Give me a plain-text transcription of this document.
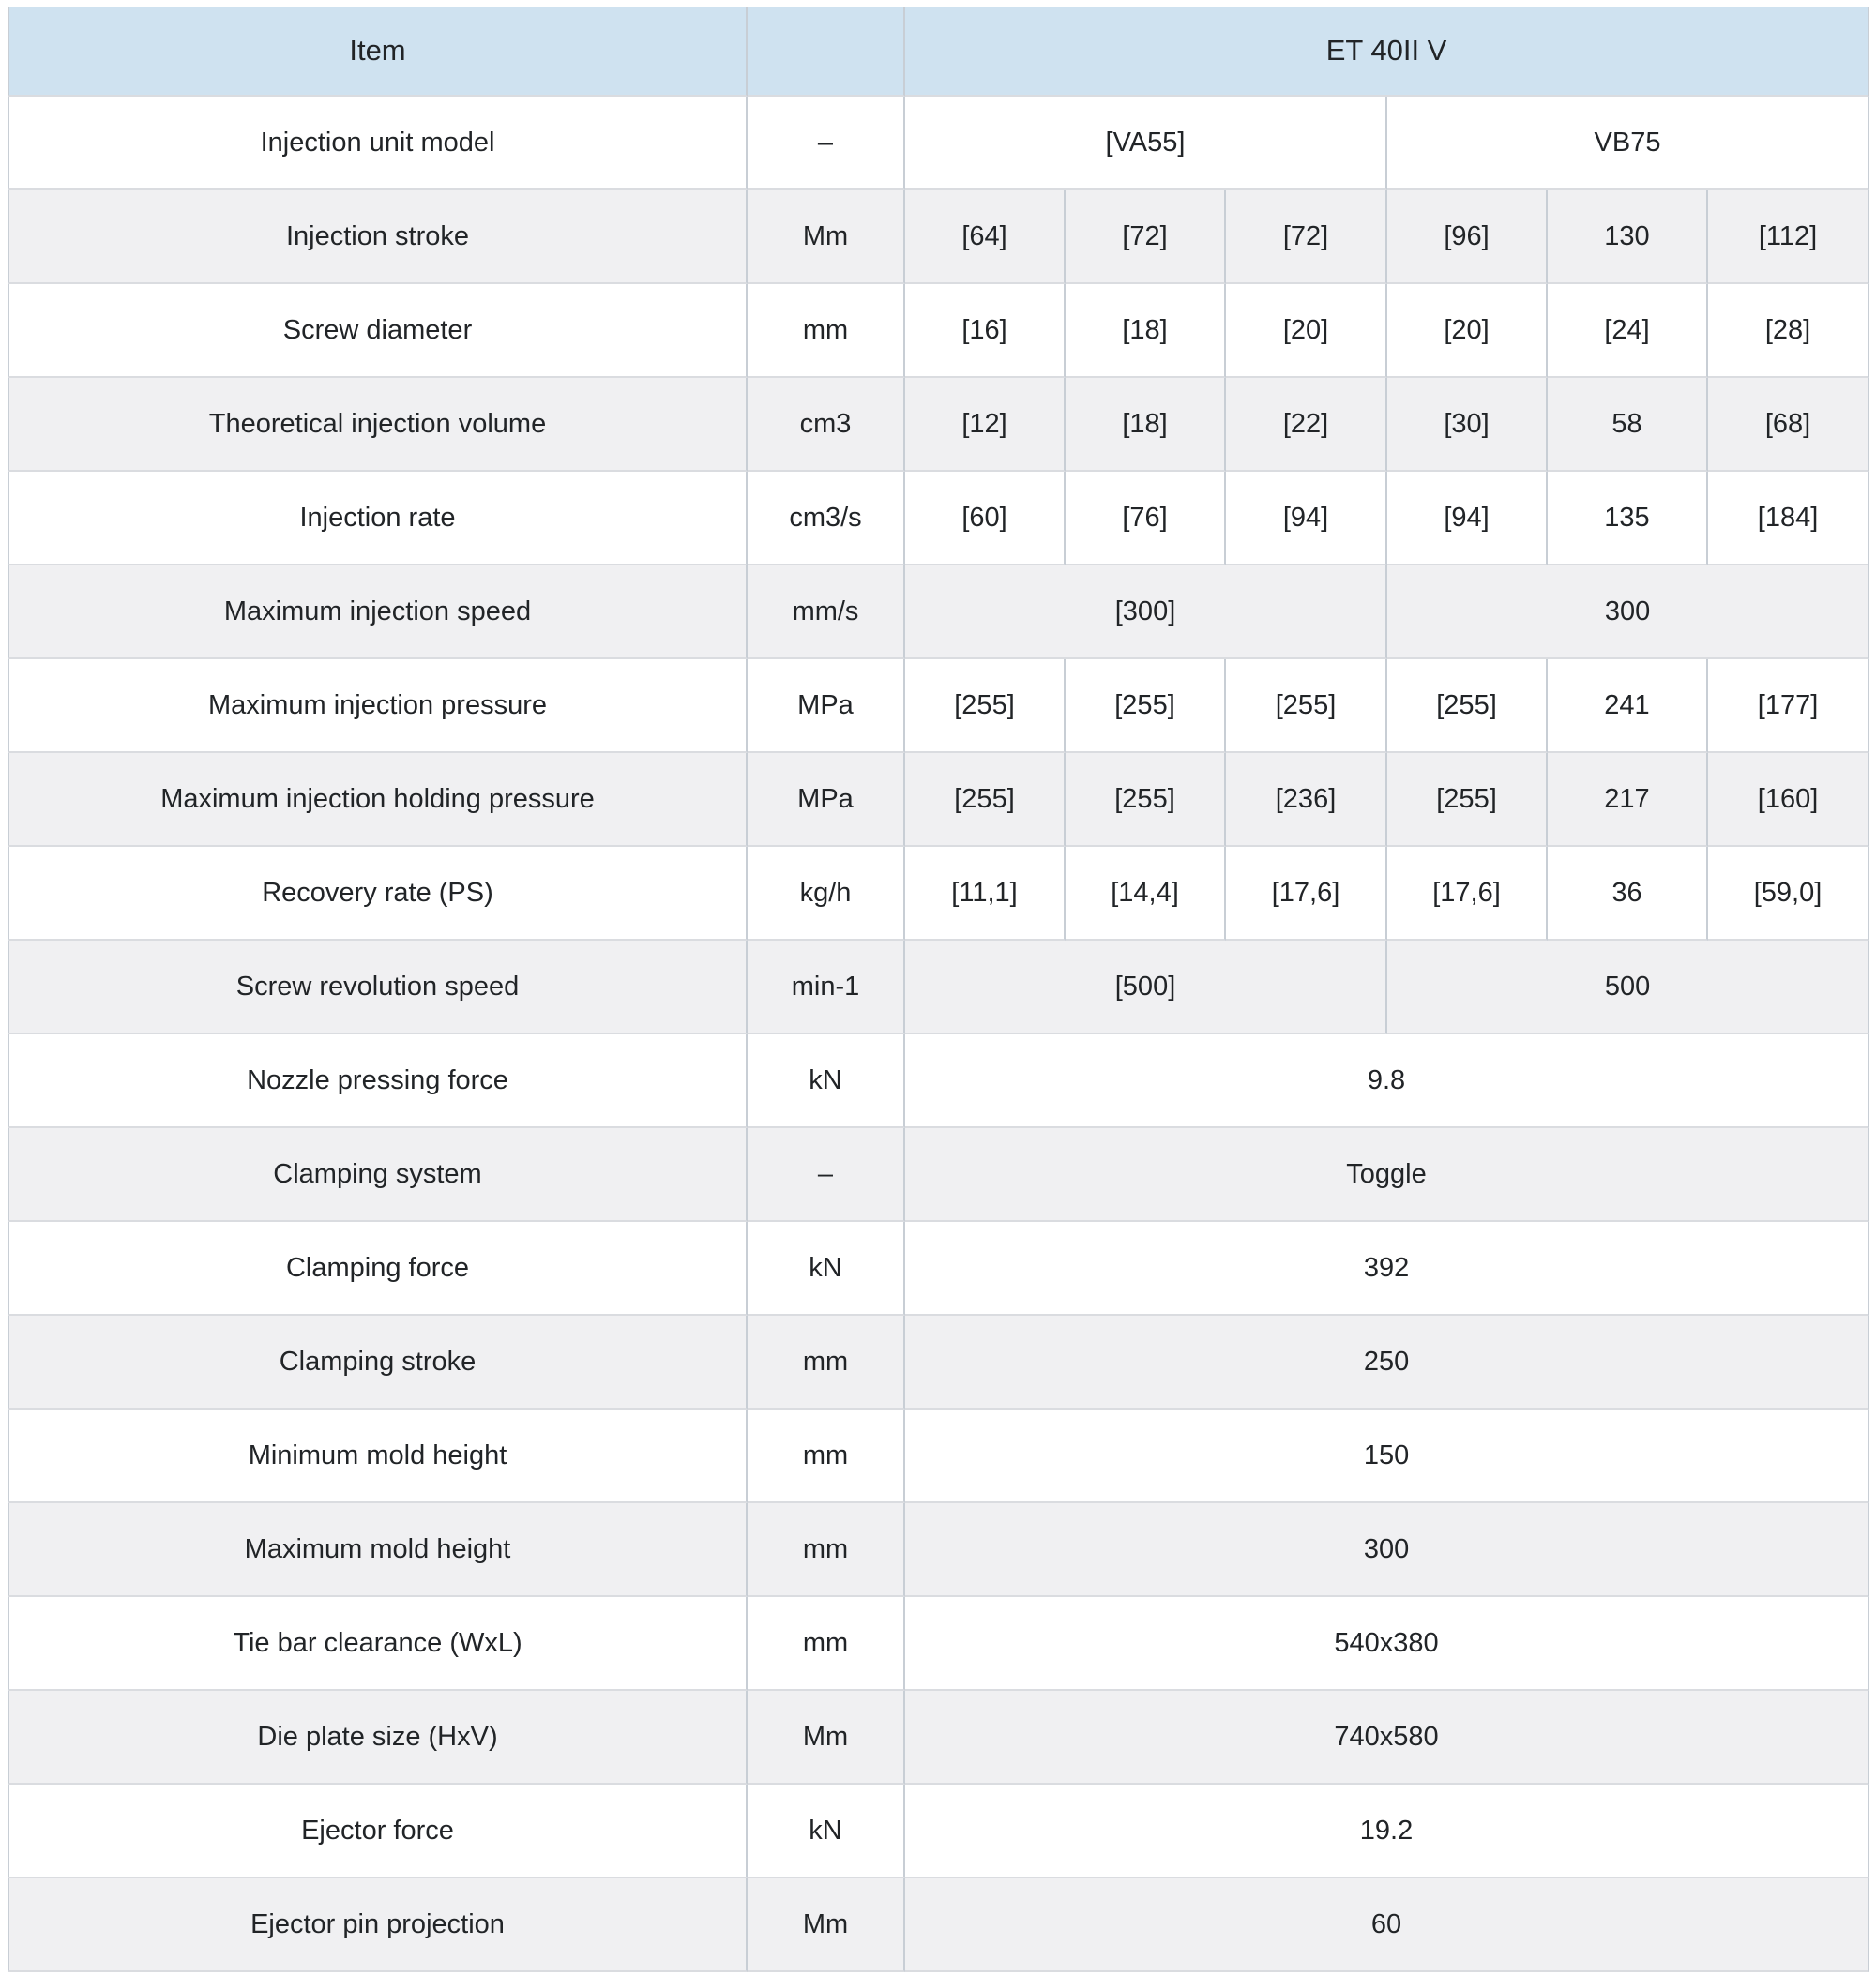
Item		ET 40II V					
Injection unit model	–	[VA55]			VB75		
Injection stroke	Mm	[64]	[72]	[72]	[96]	130	[112]
Screw diameter	mm	[16]	[18]	[20]	[20]	[24]	[28]
Theoretical injection volume	cm3	[12]	[18]	[22]	[30]	58	[68]
Injection rate	cm3/s	[60]	[76]	[94]	[94]	135	[184]
Maximum injection speed	mm/s	[300]			300		
Maximum injection pressure	MPa	[255]	[255]	[255]	[255]	241	[177]
Maximum injection holding pressure	MPa	[255]	[255]	[236]	[255]	217	[160]
Recovery rate (PS)	kg/h	[11,1]	[14,4]	[17,6]	[17,6]	36	[59,0]
Screw revolution speed	min-1	[500]			500		
Nozzle pressing force	kN	9.8					
Clamping system	–	Toggle					
Clamping force	kN	392					
Clamping stroke	mm	250					
Minimum mold height	mm	150					
Maximum mold height	mm	300					
Tie bar clearance (WxL)	mm	540x380					
Die plate size (HxV)	Mm	740x580					
Ejector force	kN	19.2					
Ejector pin projection	Mm	60					
